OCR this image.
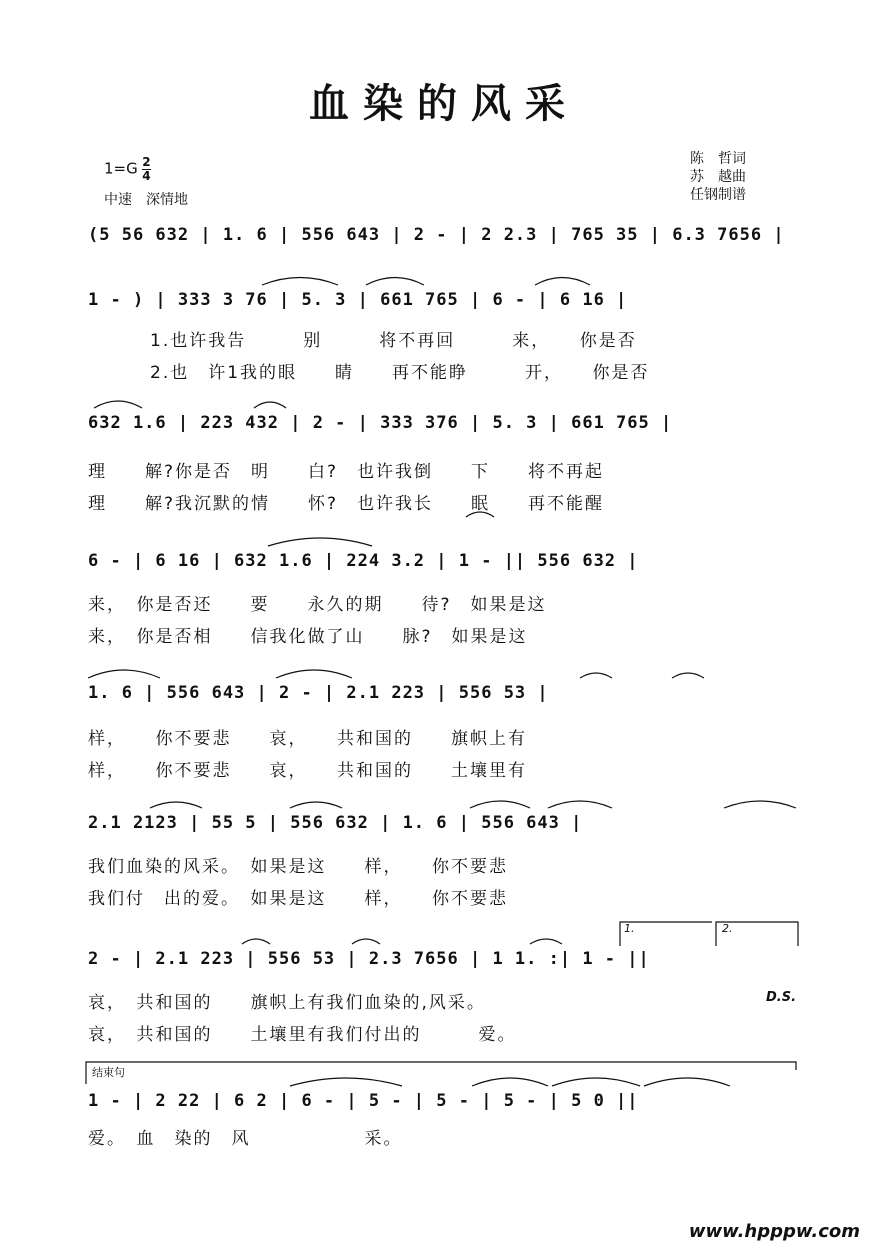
血染的风采
$1=G \frac{2}{4}$
中速　深情地
陈　哲词
苏　越曲
任钢制谱
(5 56 632 | 1. 6 | 556 643 | 2 - | 2 2.3 | 765 35 | 6.3 7656 |
1 - ) | 333 3 76 | 5. 3 | 661 765 | 6 - | 6 16 |
1.也许我告　　　别　　　将不再回　　　来，　　你是否
2.也　许1我的眼　　睛　　再不能睁　　　开，　　你是否
632 1.6 | 223 432 | 2 - | 333 376 | 5. 3 | 661 765 |
理　　解?你是否　明　　白?　也许我倒　　下　　将不再起
理　　解?我沉默的情　　怀?　也许我长　　眠　　再不能醒
6 - | 6 16 | 632 1.6 | 224 3.2 | 1 - || 556 632 |
来，　你是否还　　要　　永久的期　　待?　如果是这
来，　你是否相　　信我化做了山　　脉?　如果是这
1. 6 | 556 643 | 2 - | 2.1 223 | 556 53 |
样，　　你不要悲　　哀，　　共和国的　　旗帜上有
样，　　你不要悲　　哀，　　共和国的　　土壤里有
2.1 2123 | 55 5 | 556 632 | 1. 6 | 556 643 |
我们血染的风采。　如果是这　　样，　　你不要悲
我们付　出的爱。　如果是这　　样，　　你不要悲
2 - | 2.1 223 | 556 53 | 2.3 7656 | 1 1. :| 1 - ||
1.	2.
D.S.
哀，　共和国的　　旗帜上有我们血染的,风采。
哀，　共和国的　　土壤里有我们付出的　　　爱。
结束句
1 - | 2 22 | 6 2 | 6 - | 5 - | 5 - | 5 - | 5 0 ||
爱。　血　染的　风　　　　　　采。
www.hpppw.com
